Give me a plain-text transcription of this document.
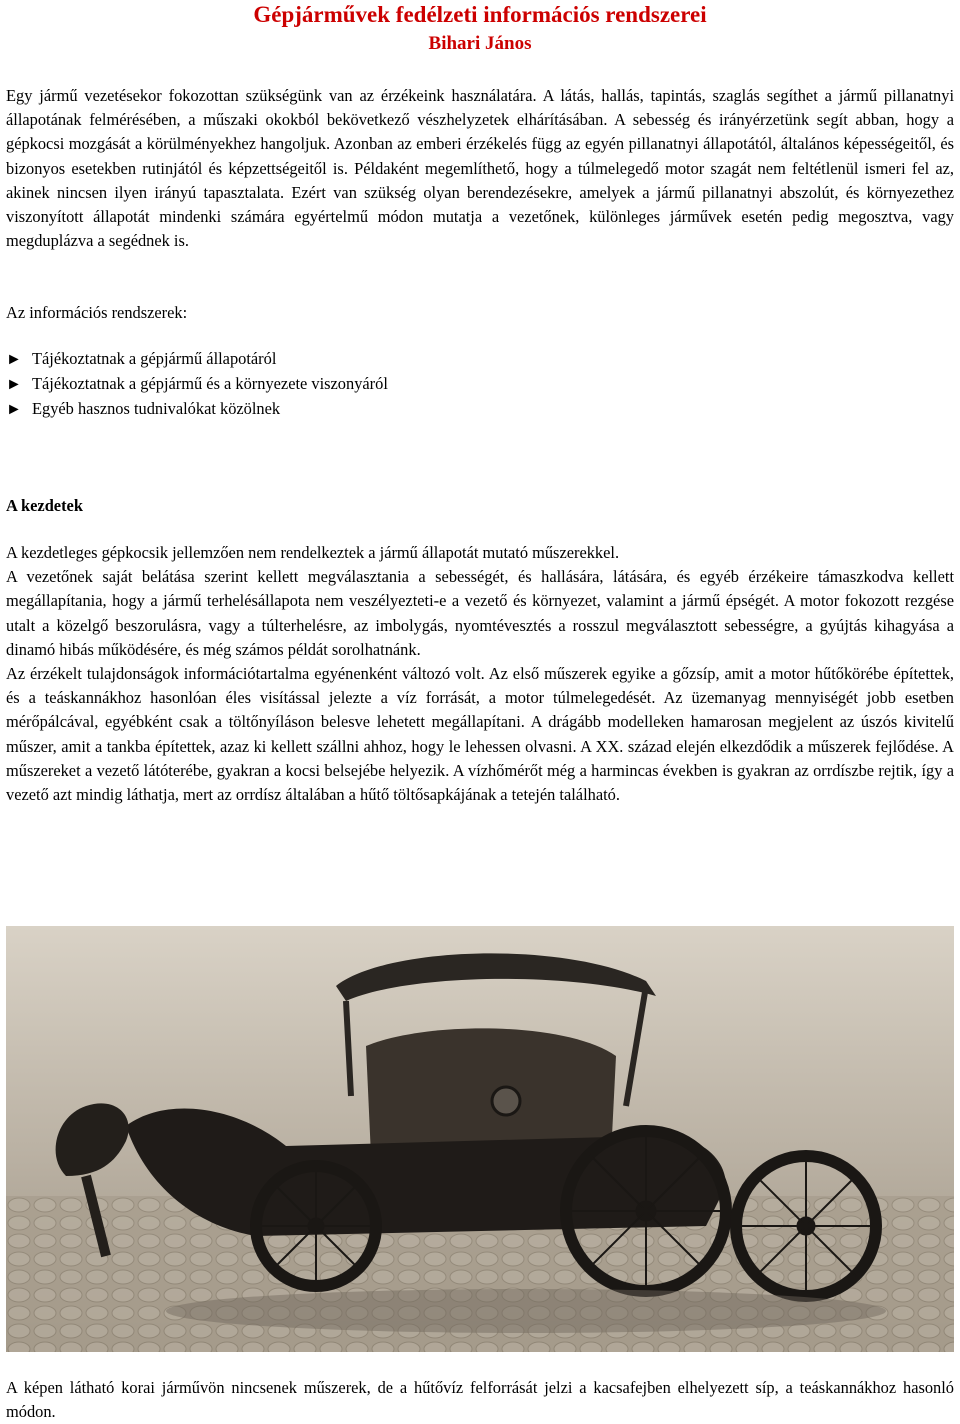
Gépjárművek fedélzeti információs rendszerei
Bihari János

Egy jármű vezetésekor fokozottan szükségünk van az érzékeink használatára. A látás, hallás, tapintás, szaglás segíthet a jármű pillanatnyi állapotának felmérésében, a műszaki okokból bekövetkező vészhelyzetek elhárításában. A sebesség és irányérzetünk segít abban, hogy a gépkocsi mozgását a körülményekhez hangoljuk. Azonban az emberi érzékelés függ az egyén pillanatnyi állapotától, általános képességeitől, és bizonyos esetekben rutinjától és képzettségeitől is. Példaként megemlíthető, hogy a túlmelegedő motor szagát nem feltétlenül ismeri fel az, akinek nincsen ilyen irányú tapasztalata. Ezért van szükség olyan berendezésekre, amelyek a jármű pillanatnyi abszolút, és környezethez viszonyított állapotát mindenki számára egyértelmű módon mutatja a vezetőnek, különleges járművek esetén pedig megosztva, vagy megduplázva a segédnek is.

Az információs rendszerek:
► Tájékoztatnak a gépjármű állapotáról
► Tájékoztatnak a gépjármű és a környezete viszonyáról
► Egyéb hasznos tudnivalókat közölnek
A kezdetek

A kezdetleges gépkocsik jellemzően nem rendelkeztek a jármű állapotát mutató műszerekkel.

A vezetőnek saját belátása szerint kellett megválasztania a sebességét, és hallására, látására, és egyéb érzékeire támaszkodva kellett megállapítania, hogy a jármű terhelésállapota nem veszélyezteti-e a vezető és környezet, valamint a jármű épségét. A motor fokozott rezgése utalt a közelgő beszorulásra, vagy a túlterhelésre, az imbolygás, nyomtévesztés a rosszul megválasztott sebességre, a gyújtás kihagyása a dinamó hibás működésére, és még számos példát sorolhatnánk.

Az érzékelt tulajdonságok információtartalma egyénenként változó volt. Az első műszerek egyike a gőzsíp, amit a motor hűtőkörébe építettek, és a teáskannákhoz hasonlóan éles visítással jelezte a víz forrását, a motor túlmelegedését. Az üzemanyag mennyiségét jobb esetben mérőpálcával, egyébként csak a töltőnyíláson belesve lehetett megállapítani. A drágább modelleken hamarosan megjelent az úszós kivitelű műszer, amit a tankba építettek, azaz ki kellett szállni ahhoz, hogy le lehessen olvasni. A XX. század elején elkezdődik a műszerek fejlődése. A műszereket a vezető látóterébe, gyakran a kocsi belsejébe helyezik. A vízhőmérőt még a harmincas években is gyakran az orrdíszbe rejtik, így a vezető azt mindig láthatja, mert az orrdísz általában a hűtő töltősapkájának a tetején található.

A képen látható korai járművön nincsenek műszerek, de a hűtővíz felforrását jelzi a kacsafejben elhelyezett síp, a teáskannákhoz hasonló módon.
